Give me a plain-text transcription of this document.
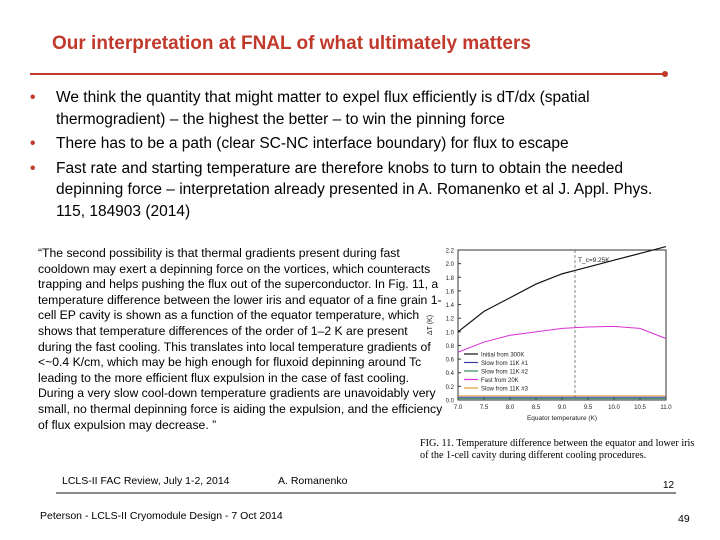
Our interpretation at FNAL of what ultimately matters
• We think the quantity that might matter to expel flux efficiently is dT/dx (spatial thermogradient) – the highest the better – to win the pinning force
• There has to be a path (clear SC-NC interface boundary) for flux to escape
• Fast rate and starting temperature are therefore knobs to turn to obtain the needed depinning force – interpretation already presented in A. Romanenko et al J. Appl. Phys. 115, 184903 (2014)
“The second possibility is that thermal gradients present during fast cooldown may exert a depinning force on the vortices, which counteracts trapping and helps pushing the flux out of the superconductor. In Fig. 11, a temperature difference between the lower iris and equator of a fine grain 1-cell EP cavity is shown as a function of the equator temperature, which shows that temperature differences of the order of 1–2 K are present during the fast cooling. This translates into local temperature gradients of <~0.4 K/cm, which may be high enough for fluxoid depinning around Tc leading to the more efficient flux expulsion in the case of fast cooling. During a very slow cool-down temperature gradients are unavoidably very small, no thermal depinning force is aiding the expulsion, and the efficiency of flux expulsion may decrease. ”
0.0
0.2
0.4
0.6
0.8
1.0
1.2
1.4
1.6
1.8
2.0
2.2
7.0	7.5	8.0	8.5	9.0	9.5	10.0 10.5 11.0
Equator temperature (K)
ΔT (K)
T_c=9.25K
Initial from 300K
Slow from 11K #1
Slow from 11K #2
Fast from 20K
Slow from 11K #3
FIG. 11. Temperature difference between the equator and lower iris of the 1-cell cavity during different cooling procedures.
LCLS-II FAC Review, July 1-2, 2014	A. Romanenko	12
Peterson - LCLS-II Cryomodule Design - 7 Oct 2014	49
